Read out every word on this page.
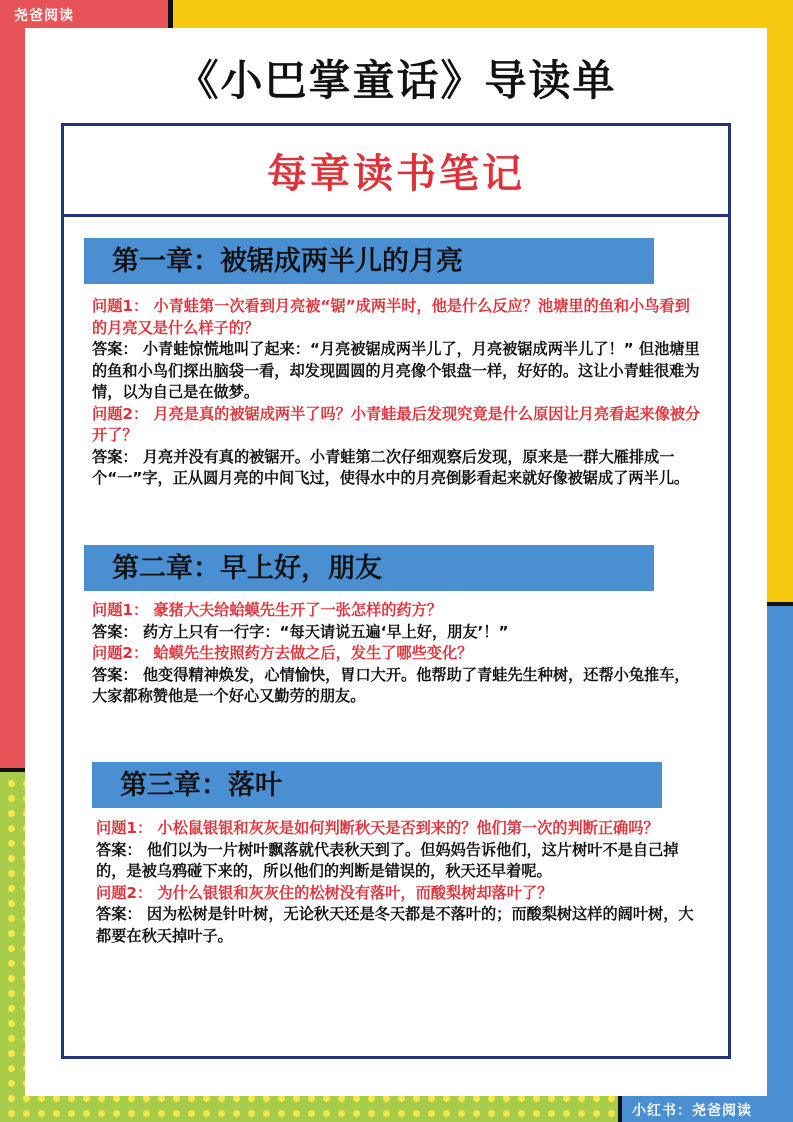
尧爸阅读
小红书：尧爸阅读
《小巴掌童话》导读单
每章读书笔记
第一章：被锯成两半儿的月亮

问题1： 小青蛙第一次看到月亮被“锯”成两半时，他是什么反应？池塘里的鱼和小鸟看到的月亮又是什么样子的？

答案： 小青蛙惊慌地叫了起来：“月亮被锯成两半儿了，月亮被锯成两半儿了！” 但池塘里的鱼和小鸟们探出脑袋一看，却发现圆圆的月亮像个银盘一样，好好的。这让小青蛙很难为情，以为自己是在做梦。

问题2： 月亮是真的被锯成两半了吗？小青蛙最后发现究竟是什么原因让月亮看起来像被分开了？

答案： 月亮并没有真的被锯开。小青蛙第二次仔细观察后发现，原来是一群大雁排成一个“一”字，正从圆月亮的中间飞过，使得水中的月亮倒影看起来就好像被锯成了两半儿。

第二章：早上好，朋友

问题1： 豪猪大夫给蛤蟆先生开了一张怎样的药方？

答案： 药方上只有一行字：“每天请说五遍‘早上好，朋友’！”

问题2： 蛤蟆先生按照药方去做之后，发生了哪些变化？

答案： 他变得精神焕发，心情愉快，胃口大开。他帮助了青蛙先生种树，还帮小兔推车，大家都称赞他是一个好心又勤劳的朋友。

第三章：落叶

问题1： 小松鼠银银和灰灰是如何判断秋天是否到来的？他们第一次的判断正确吗？

答案： 他们以为一片树叶飘落就代表秋天到了。但妈妈告诉他们，这片树叶不是自己掉的，是被乌鸦碰下来的，所以他们的判断是错误的，秋天还早着呢。

问题2： 为什么银银和灰灰住的松树没有落叶，而酸梨树却落叶了？

答案： 因为松树是针叶树，无论秋天还是冬天都是不落叶的；而酸梨树这样的阔叶树，大都要在秋天掉叶子。
